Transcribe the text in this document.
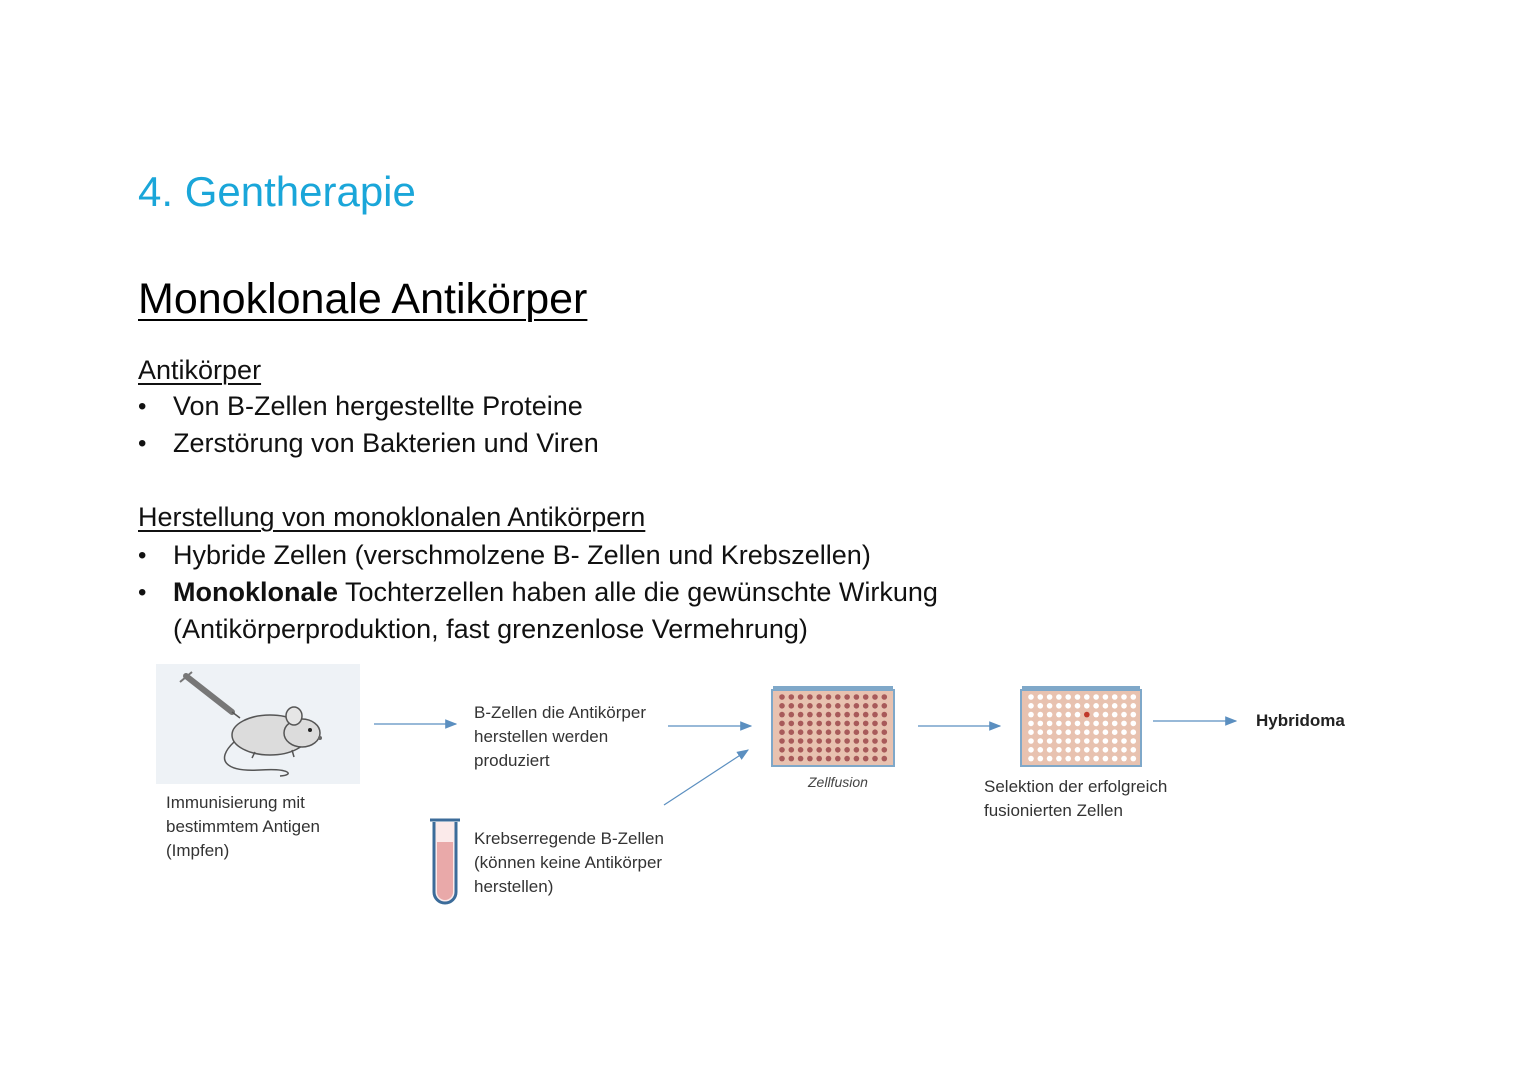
4. Gentherapie
Monoklonale Antikörper
Antikörper
• Von B-Zellen hergestellte Proteine
• Zerstörung von Bakterien und Viren
Herstellung von monoklonalen Antikörpern
• Hybride Zellen (verschmolzene B- Zellen und Krebszellen)
• Monoklonale Tochterzellen haben alle die gewünschte Wirkung
(Antikörperproduktion, fast grenzenlose Vermehrung)
Immunisierung mit
bestimmtem Antigen
(Impfen)
B-Zellen die Antikörper
herstellen werden
produziert
Krebserregende B-Zellen
(können keine Antikörper
herstellen)
Zellfusion	Selektion der erfolgreich
fusionierten Zellen
Hybridoma
